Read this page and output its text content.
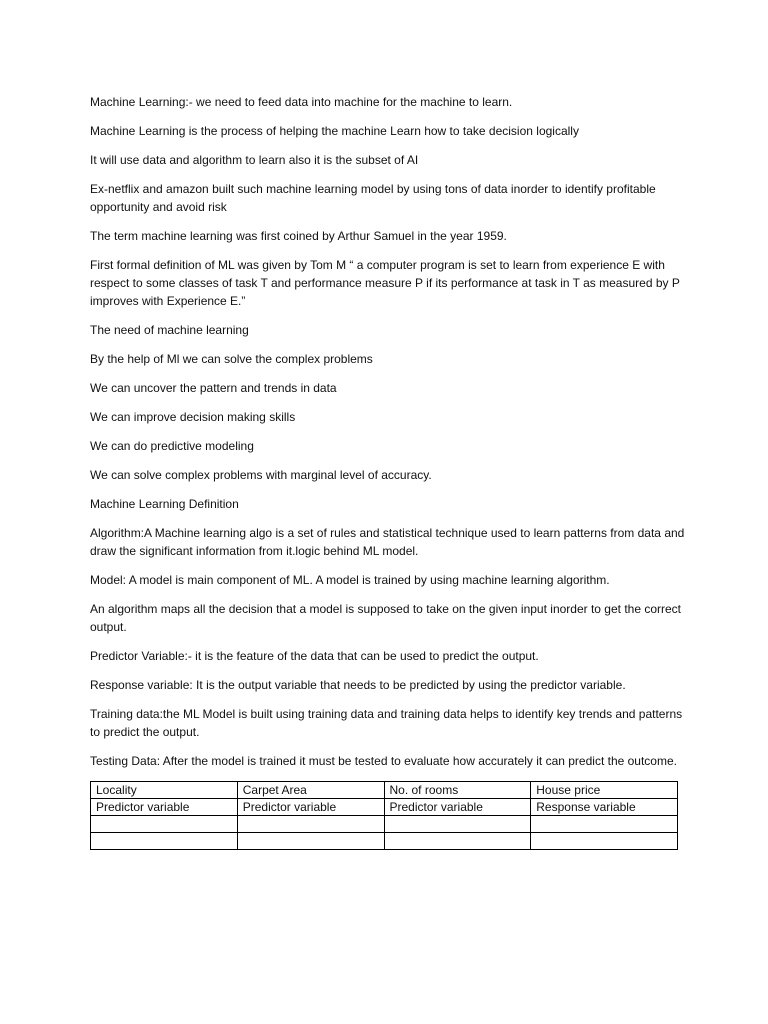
Machine Learning:- we need to feed data into machine for the machine to learn.

Machine Learning is the process of helping the machine Learn how to take decision logically

It will use data and algorithm to learn also it is the subset of AI

Ex-netflix and amazon built such machine learning model by using tons of data inorder to identify profitable opportunity and avoid risk

The term machine learning was first coined by Arthur Samuel in the year 1959.

First formal definition of ML was given by Tom M “ a computer program is set to learn from experience E with respect to some classes of task T and performance measure P if its performance at task in T as measured by P improves with Experience E.”

The need of machine learning

By the help of Ml we can solve the complex problems

We can uncover the pattern and trends in data

We can improve decision making skills

We can do predictive modeling

We can solve complex problems with marginal level of accuracy.

Machine Learning Definition

Algorithm:A Machine learning algo is a set of rules and statistical technique used to learn patterns from data and draw the significant information from it.logic behind ML model.

Model: A model is main component of ML. A model is trained by using machine learning algorithm.

An algorithm maps all the decision that a model is supposed to take on the given input inorder to get the correct output.

Predictor Variable:- it is the feature of the data that can be used to predict the output.

Response variable: It is the output variable that needs to be predicted by using the predictor variable.

Training data:the ML Model is built using training data and training data helps to identify key trends and patterns to predict the output.

Testing Data: After the model is trained it must be tested to evaluate how accurately it can predict the outcome.

Locality	Carpet Area	No. of rooms	House price
Predictor variable	Predictor variable	Predictor variable	Response variable
